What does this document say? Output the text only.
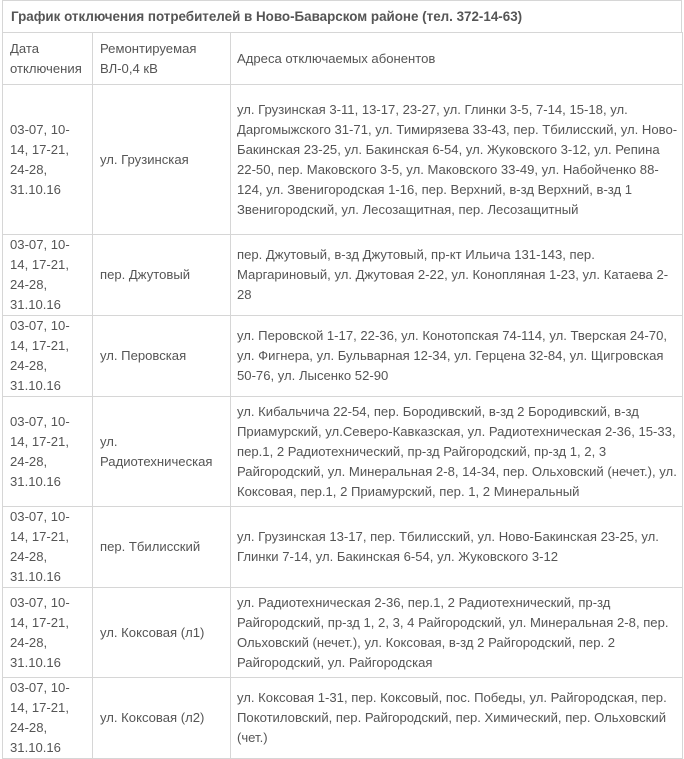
График отключения потребителей в Ново-Баварском районе (тел. 372-14-63)
Дата отключения	Ремонтируемая ВЛ-0,4 кВ	Адреса отключаемых абонентов
03-07, 10-14, 17-21, 24-28, 31.10.16	ул. Грузинская	ул. Грузинская 3-11, 13-17, 23-27, ул. Глинки 3-5, 7-14, 15-18, ул. Даргомыжского 31-71, ул. Тимирязева 33-43, пер. Тбилисский, ул. Ново-Бакинская 23-25, ул. Бакинская 6-54, ул. Жуковского 3-12, ул. Репина 22-50, пер. Маковского 3-5, ул. Маковского 33-49, ул. Набойченко 88-124, ул. Звенигородская 1-16, пер. Верхний, в-зд Верхний, в-зд 1 Звенигородский, ул. Лесозащитная, пер. Лесозащитный
03-07, 10-14, 17-21, 24-28, 31.10.16	пер. Джутовый	пер. Джутовый, в-зд Джутовый, пр-кт Ильича 131-143, пер. Маргариновый, ул. Джутовая 2-22, ул. Конопляная 1-23, ул. Катаева 2-28
03-07, 10-14, 17-21, 24-28, 31.10.16	ул. Перовская	ул. Перовской 1-17, 22-36, ул. Конотопская 74-114, ул. Тверская 24-70, ул. Фигнера, ул. Бульварная 12-34, ул. Герцена 32-84, ул. Щигровская 50-76, ул. Лысенко 52-90
03-07, 10-14, 17-21, 24-28, 31.10.16	ул. Радиотехническая	ул. Кибальчича 22-54, пер. Бородивский, в-зд 2 Бородивский, в-зд Приамурский, ул.Северо-Кавказская, ул. Радиотехническая 2-36, 15-33, пер.1, 2 Радиотехнический, пр-зд Райгородский, пр-зд 1, 2, 3 Райгородский, ул. Минеральная 2-8, 14-34, пер. Ольховский (нечет.), ул. Коксовая, пер.1, 2 Приамурский, пер. 1, 2 Минеральный
03-07, 10-14, 17-21, 24-28, 31.10.16	пер. Тбилисский	ул. Грузинская 13-17, пер. Тбилисский, ул. Ново-Бакинская 23-25, ул. Глинки 7-14, ул. Бакинская 6-54, ул. Жуковского 3-12
03-07, 10-14, 17-21, 24-28, 31.10.16	ул. Коксовая (л1)	ул. Радиотехническая 2-36, пер.1, 2 Радиотехнический, пр-зд Райгородский, пр-зд 1, 2, 3, 4 Райгородский, ул. Минеральная 2-8, пер. Ольховский (нечет.), ул. Коксовая, в-зд 2 Райгородский, пер. 2 Райгородский, ул. Райгородская
03-07, 10-14, 17-21, 24-28, 31.10.16	ул. Коксовая (л2)	ул. Коксовая 1-31, пер. Коксовый, пос. Победы, ул. Райгородская, пер. Покотиловский, пер. Райгородский, пер. Химический, пер. Ольховский (чет.)
